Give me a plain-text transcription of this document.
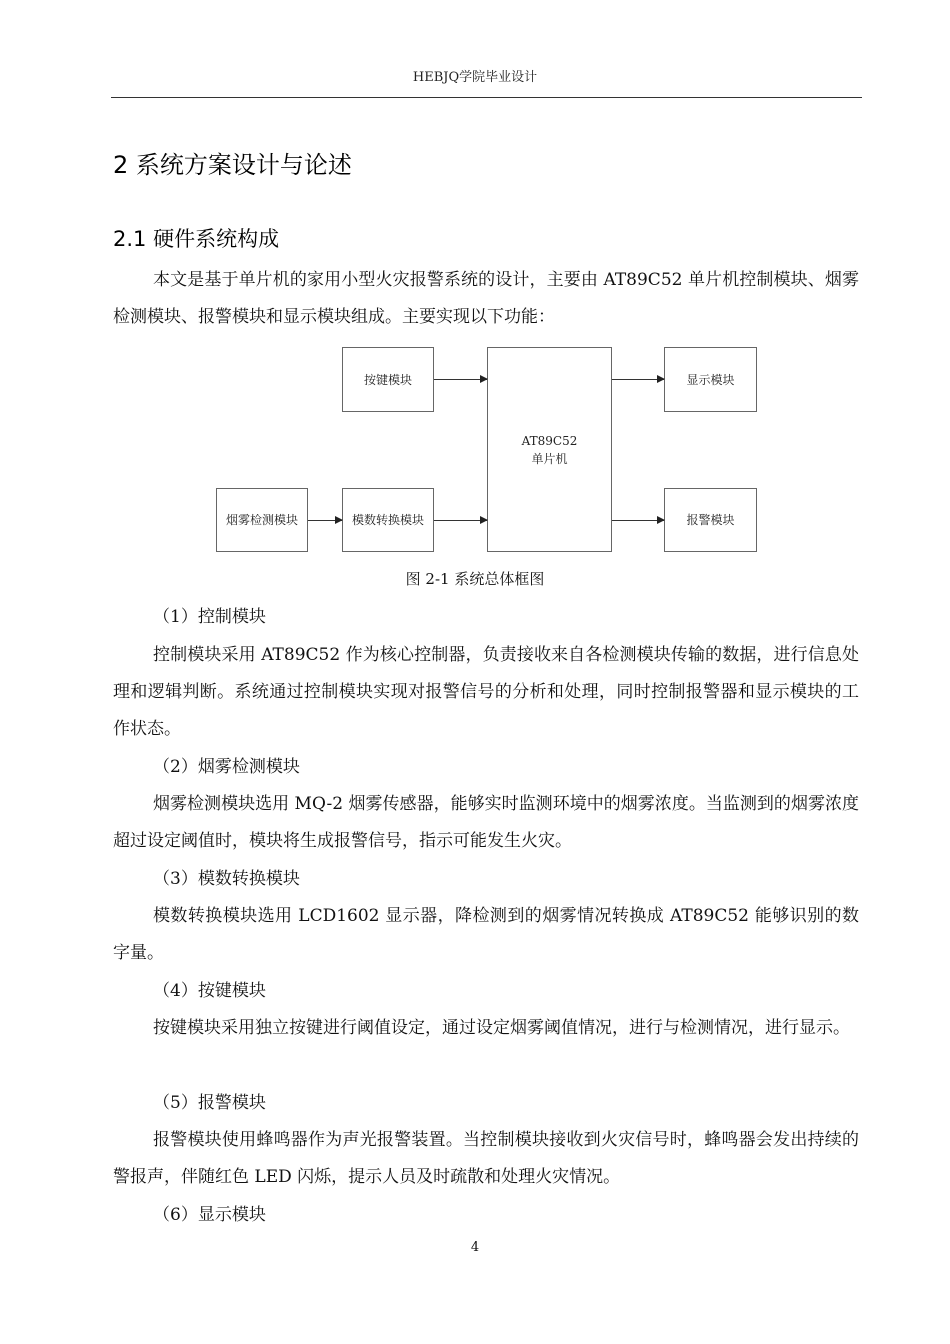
HEBJQ学院毕业设计
2 系统方案设计与论述
2.1 硬件系统构成

本文是基于单片机的家用小型火灾报警系统的设计，主要由 AT89C52 单片机控制模块、烟雾检测模块、报警模块和显示模块组成。主要实现以下功能：

按键模块
烟雾检测模块	模数转换模块
AT89C52
单片机
显示模块
报警模块
图 2-1 系统总体框图
（1）控制模块

控制模块采用 AT89C52 作为核心控制器，负责接收来自各检测模块传输的数据，进行信息处理和逻辑判断。系统通过控制模块实现对报警信号的分析和处理，同时控制报警器和显示模块的工作状态。

（2）烟雾检测模块

烟雾检测模块选用 MQ-2 烟雾传感器，能够实时监测环境中的烟雾浓度。当监测到的烟雾浓度超过设定阈值时，模块将生成报警信号，指示可能发生火灾。

（3）模数转换模块

模数转换模块选用 LCD1602 显示器，降检测到的烟雾情况转换成 AT89C52 能够识别的数字量。

（4）按键模块

按键模块采用独立按键进行阈值设定，通过设定烟雾阈值情况，进行与检测情况，进行显示。

（5）报警模块

报警模块使用蜂鸣器作为声光报警装置。当控制模块接收到火灾信号时，蜂鸣器会发出持续的警报声，伴随红色 LED 闪烁，提示人员及时疏散和处理火灾情况。

（6）显示模块
4
